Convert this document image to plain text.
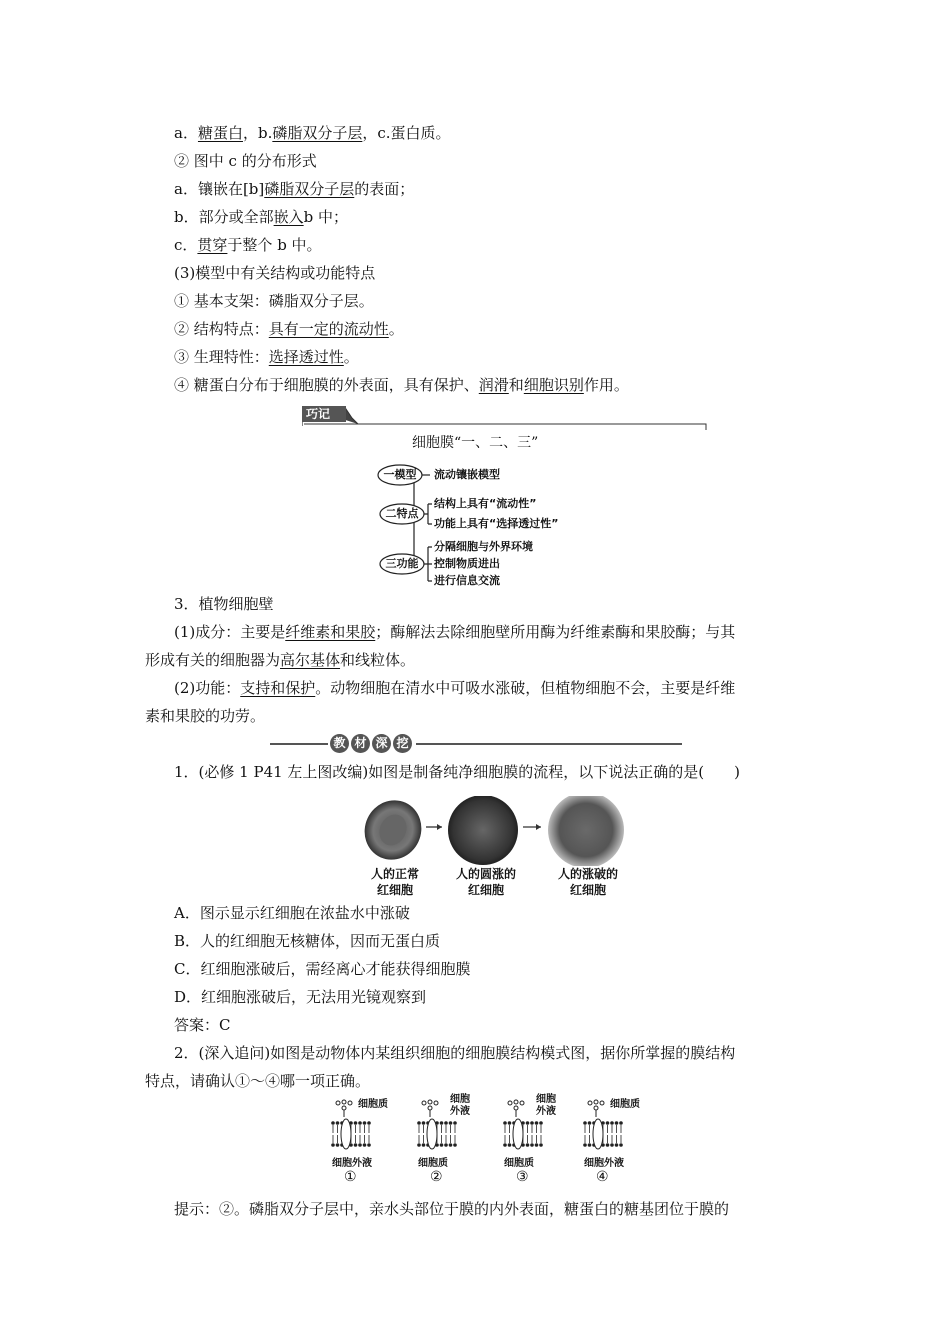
a．糖蛋白，b.磷脂双分子层，c.蛋白质。
② 图中 c 的分布形式
a．镶嵌在[b]磷脂双分子层的表面；
b．部分或全部嵌入b 中；
c．贯穿于整个 b 中。
(3)模型中有关结构或功能特点
① 基本支架：磷脂双分子层。
② 结构特点：具有一定的流动性。
③ 生理特性：选择透过性。
④ 糖蛋白分布于细胞膜的外表面，具有保护、润滑和细胞识别作用。
巧记
细胞膜“一、二、三”
一模型
二特点
三功能
流动镶嵌模型
结构上具有“流动性”
功能上具有“选择透过性”
分隔细胞与外界环境
控制物质进出
进行信息交流
3．植物细胞壁
(1)成分：主要是纤维素和果胶；酶解法去除细胞壁所用酶为纤维素酶和果胶酶；与其
形成有关的细胞器为高尔基体和线粒体。
(2)功能：支持和保护。动物细胞在清水中可吸水涨破，但植物细胞不会，主要是纤维
素和果胶的功劳。
教 材 深 挖
1．(必修 1 P41 左上图改编)如图是制备纯净细胞膜的流程，以下说法正确的是(　　)
人的正常
红细胞
人的圆涨的
红细胞
人的涨破的
红细胞
A．图示显示红细胞在浓盐水中涨破
B．人的红细胞无核糖体，因而无蛋白质
C．红细胞涨破后，需经离心才能获得细胞膜
D．红细胞涨破后，无法用光镜观察到
答案：C
2．(深入追问)如图是动物体内某组织细胞的细胞膜结构模式图，据你所掌握的膜结构
特点，请确认①～④哪一项正确。
细胞质
细胞外液
①
细胞外液
细胞质
②
细胞外液
细胞质
③
细胞质
细胞外液
④
提示：②。磷脂双分子层中，亲水头部位于膜的内外表面，糖蛋白的糖基团位于膜的
